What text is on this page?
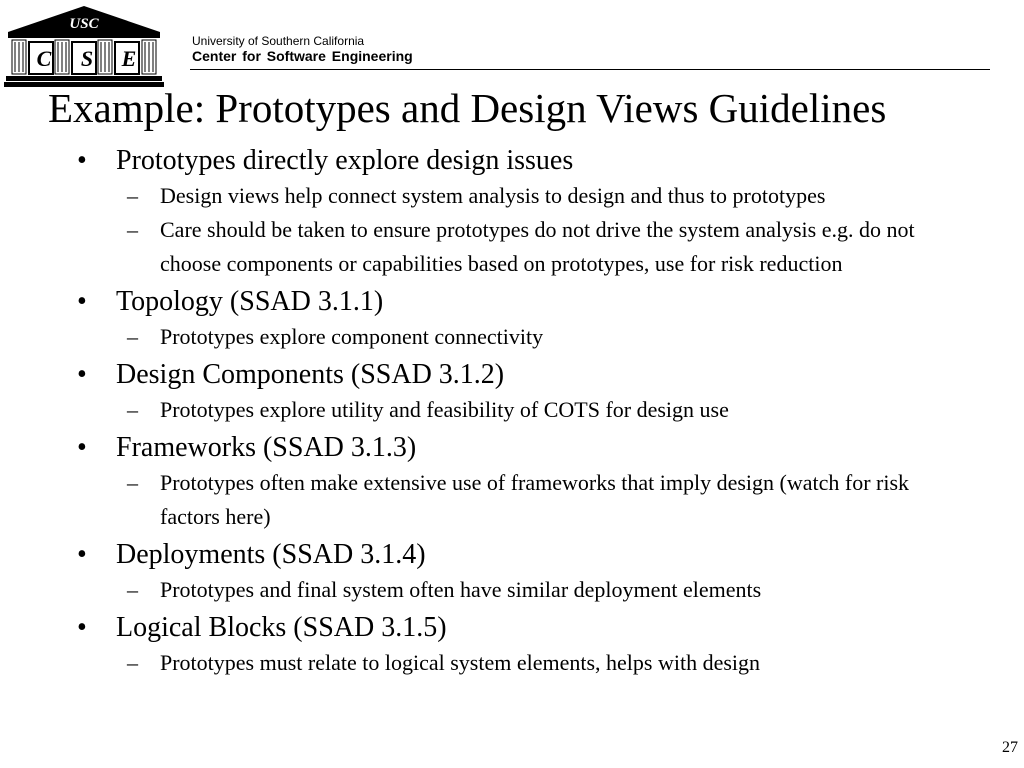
USC
C	S	E
University of Southern California
Center for Software Engineering
Example: Prototypes and Design Views Guidelines
• Prototypes directly explore design issues
– Design views help connect system analysis to design and thus to prototypes
– Care should be taken to ensure prototypes do not drive the system analysis e.g. do not choose components or capabilities based on prototypes, use for risk reduction
• Topology (SSAD 3.1.1)
– Prototypes explore component connectivity
• Design Components (SSAD 3.1.2)
– Prototypes explore utility and feasibility of COTS for design use
• Frameworks (SSAD 3.1.3)
– Prototypes often make extensive use of frameworks that imply design (watch for risk factors here)
• Deployments (SSAD 3.1.4)
– Prototypes and final system often have similar deployment elements
• Logical Blocks (SSAD 3.1.5)
– Prototypes must relate to logical system elements, helps with design
27
